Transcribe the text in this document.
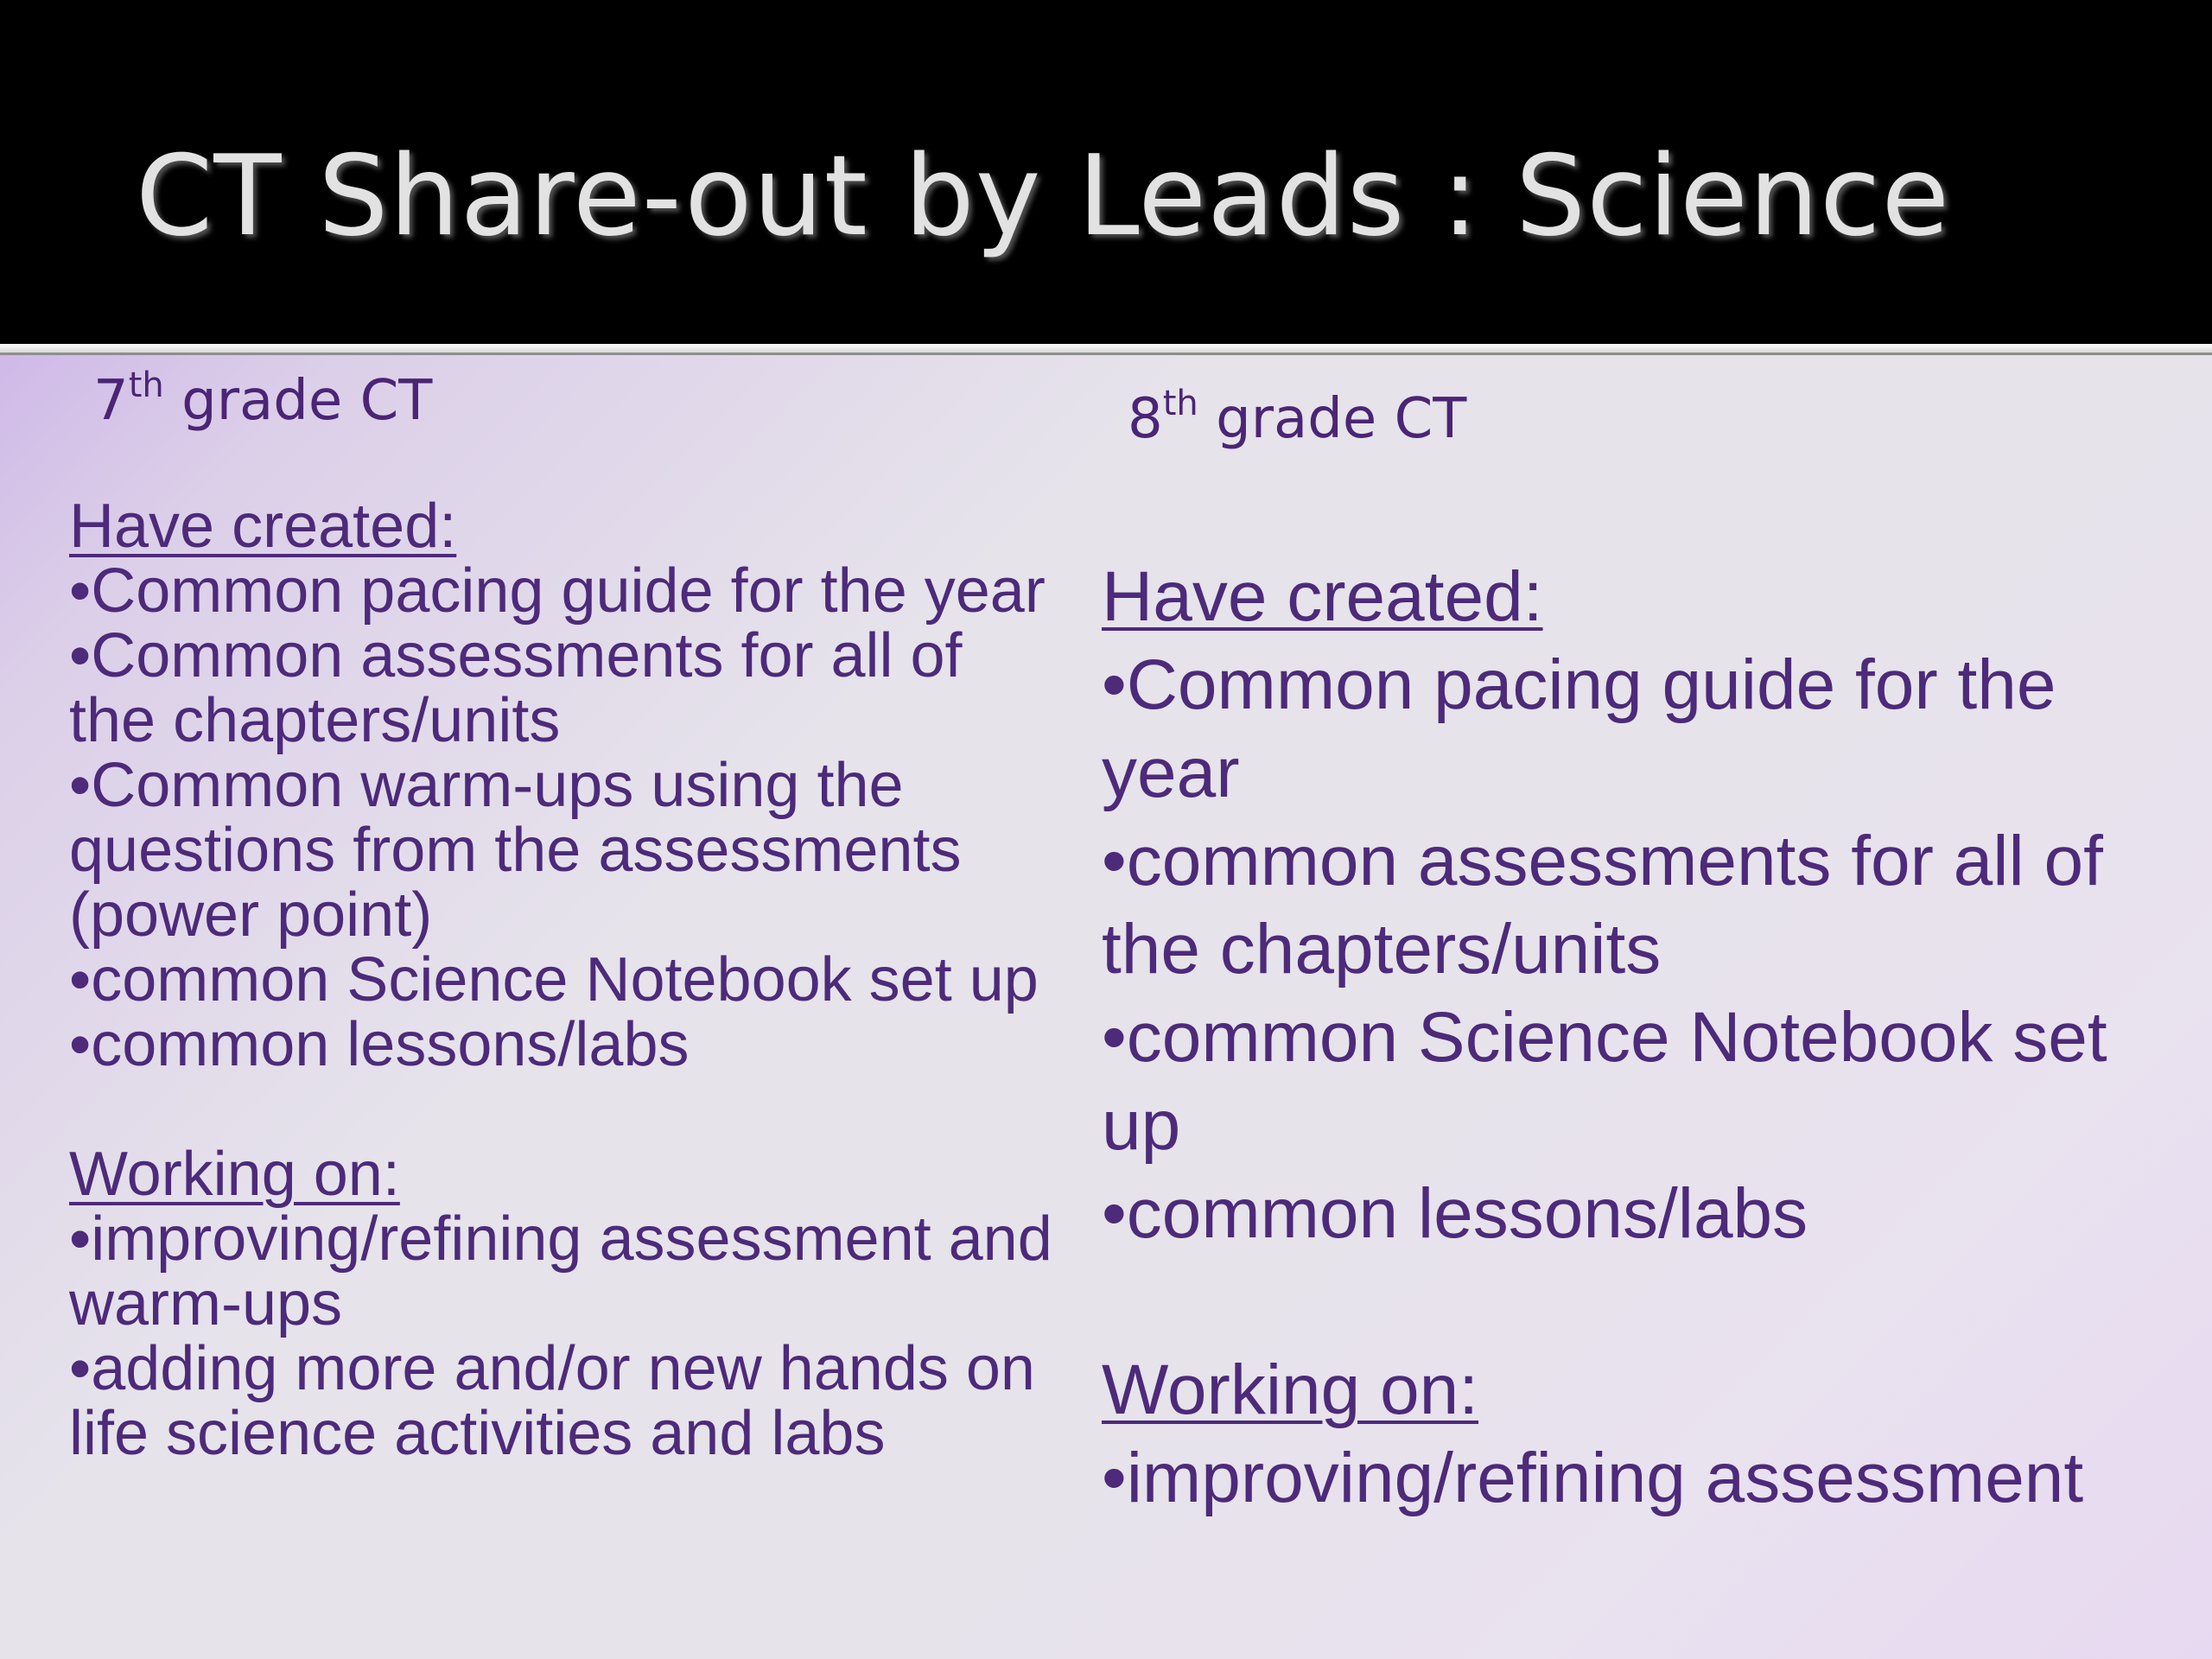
CT Share-out by Leads : Science
7th grade CT
Have created:
•Common pacing guide for the year
•Common assessments for all of the chapters/units
•Common warm-ups using the questions from the assessments (power point)
•common Science Notebook set up
•common lessons/labs
Working on:
•improving/refining assessment and warm-ups
•adding more and/or new hands on life science activities and labs
8th grade CT
Have created:
•Common pacing guide for the year
•common assessments for all of the chapters/units
•common Science Notebook set up
•common lessons/labs
Working on:
•improving/refining assessment
